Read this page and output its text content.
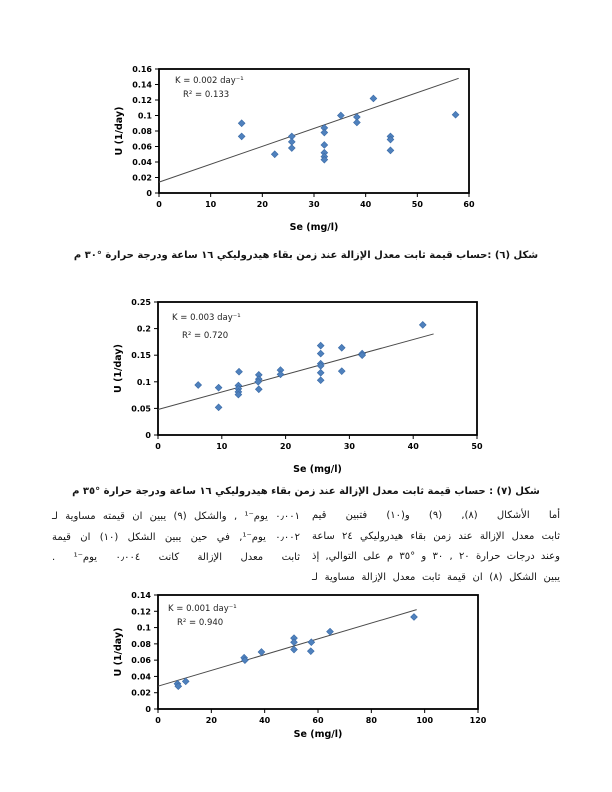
0	10	20	30	40	50	60
0
0.02
0.04
0.06
0.08
0.1
0.12
0.14
0.16
K = 0.002 day⁻¹
R² = 0.133
Se (mg/l)
U (1/day)
شكل (٦) :حساب قيمة ثابت معدل الإزالة عند زمن بقاء هيدروليكي ١٦ ساعة ودرجة حرارة °٣٠ م
0	10	20	30	40	50
0
0.05
0.1
0.15
0.2
0.25
K = 0.003 day⁻¹
R² = 0.720
Se (mg/l)
U (1/day)
شكل (٧) : حساب قيمة ثابت معدل الإزالة عند زمن بقاء هيدروليكي ١٦ ساعة ودرجة حرارة °٣٥ م
أما الأشكال (٨), (٩) و(١٠) فتبين قيم
ثابت معدل الإزالة عند زمن بقاء هيدروليكي ٢٤ ساعة
وعند درجات حرارة ٢٠ , ٣٠ و °٣٥ م على التوالي, إذ
يبين الشكل (٨) ان قيمة ثابت معدل الإزالة مساوية لـ
٠٫٠٠١ يوم⁻¹ , والشكل (٩) يبين ان قيمته مساوية لـ
٠٫٠٠٢ يوم⁻¹, في حين يبين الشكل (١٠) ان قيمة
ثابت معدل الإزالة كانت ٠٫٠٠٤ يوم⁻¹ .
0	20	40	60	80	100	120
0
0.02
0.04
0.06
0.08
0.1
0.12
0.14
K = 0.001 day⁻¹
R² = 0.940
Se (mg/l)
U (1/day)
